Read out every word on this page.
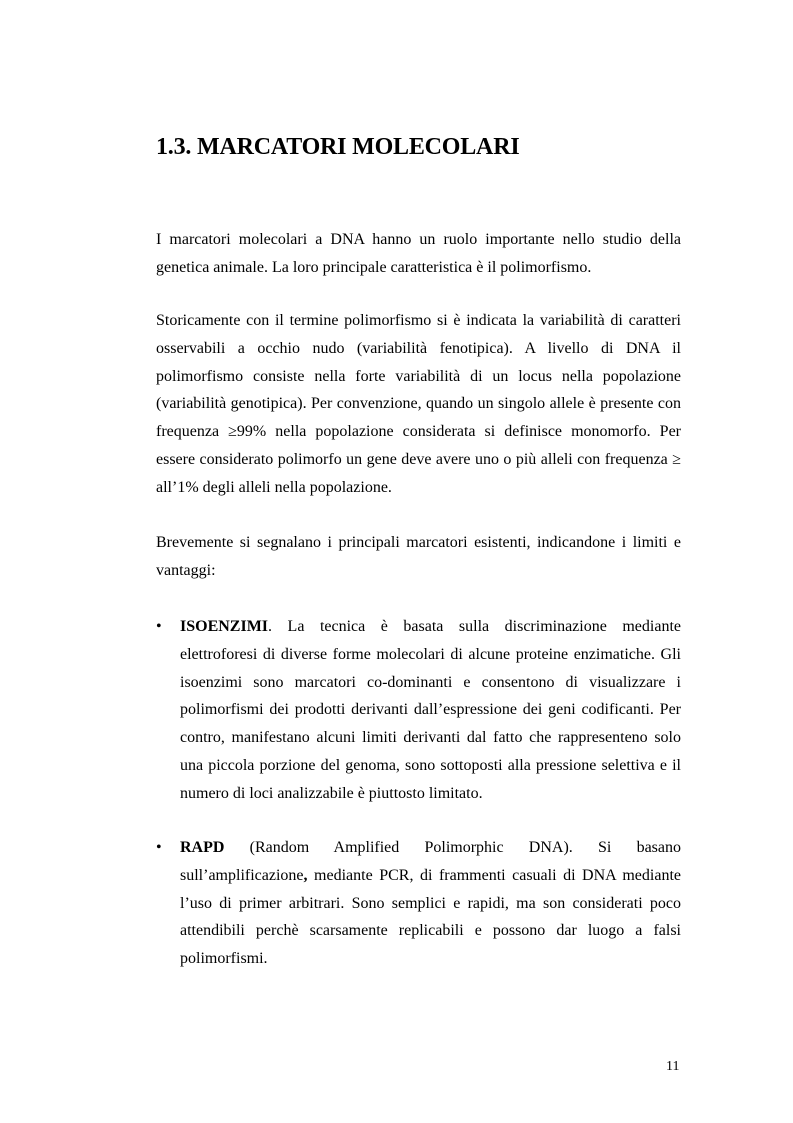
1.3. MARCATORI MOLECOLARI

I marcatori molecolari a DNA hanno un ruolo importante nello studio della genetica animale. La loro principale caratteristica è il polimorfismo.

Storicamente con il termine polimorfismo si è indicata la variabilità di caratteri osservabili a occhio nudo (variabilità fenotipica). A livello di DNA il polimorfismo consiste nella forte variabilità di un locus nella popolazione (variabilità genotipica). Per convenzione, quando un singolo allele è presente con frequenza ≥99% nella popolazione considerata si definisce monomorfo. Per essere considerato polimorfo un gene deve avere uno o più alleli con frequenza ≥ all’1% degli alleli nella popolazione.

Brevemente si segnalano i principali marcatori esistenti, indicandone i limiti e vantaggi:

• ISOENZIMI. La tecnica è basata sulla discriminazione mediante elettroforesi di diverse forme molecolari di alcune proteine enzimatiche. Gli isoenzimi sono marcatori co-dominanti e consentono di visualizzare i polimorfismi dei prodotti derivanti dall’espressione dei geni codificanti. Per contro, manifestano alcuni limiti derivanti dal fatto che rappresenteno solo una piccola porzione del genoma, sono sottoposti alla pressione selettiva e il numero di loci analizzabile è piuttosto limitato.

• RAPD (Random Amplified Polimorphic DNA). Si basano sull’amplificazione, mediante PCR, di frammenti casuali di DNA mediante l’uso di primer arbitrari. Sono semplici e rapidi, ma son considerati poco attendibili perchè scarsamente replicabili e possono dar luogo a falsi polimorfismi.

11
